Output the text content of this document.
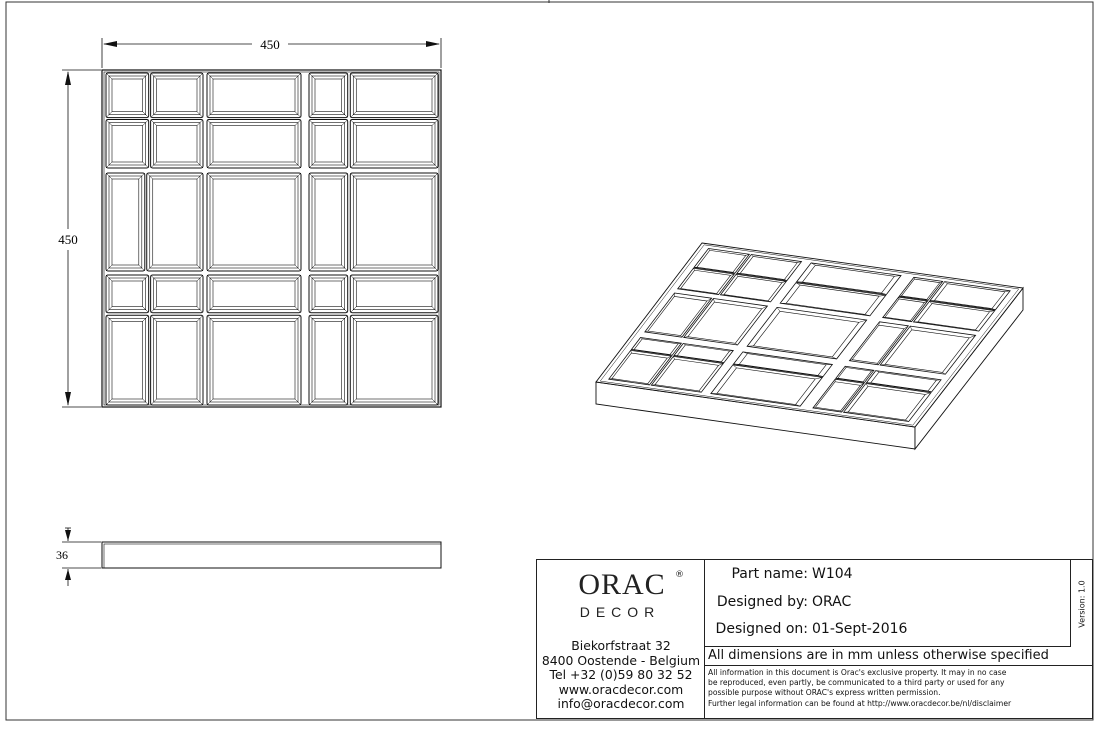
450
450
36
ORAC	®
DECOR
Biekorfstraat 32
8400 Oostende - Belgium
Tel +32 (0)59 80 32 52
www.oracdecor.com
info@oracdecor.com
Part name: W104
Designed by: ORAC
Designed on: 01-Sept-2016
Version: 1.0
All dimensions are in mm unless otherwise specified
All information in this document is Orac's exclusive property. It may in no case
be reproduced, even partly, be communicated to a third party or used for any
possible purpose without ORAC's express written permission.
Further legal information can be found at http://www.oracdecor.be/nl/disclaimer
